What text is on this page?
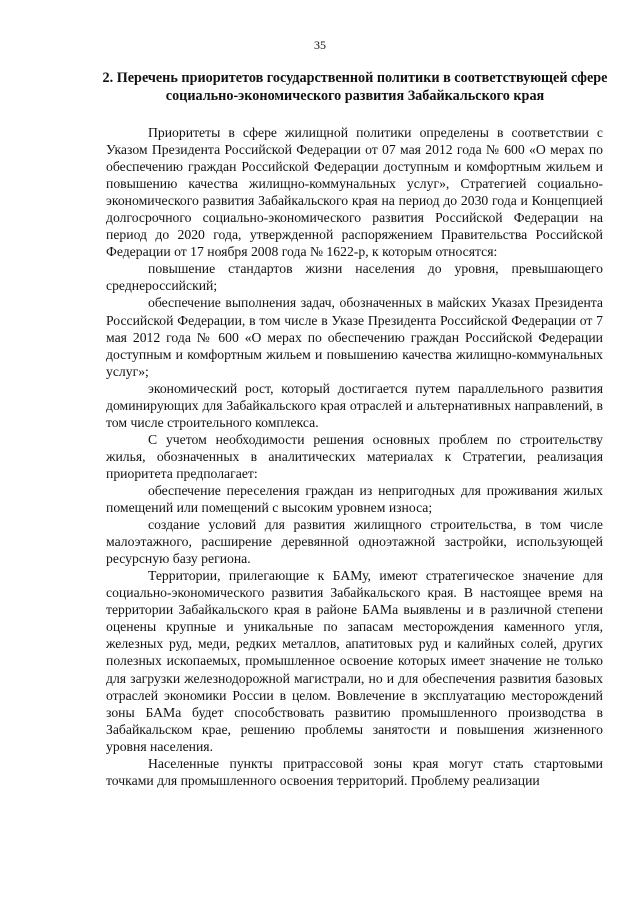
35
2. Перечень приоритетов государственной политики в соответствующей сфере социально-экономического развития Забайкальского края

Приоритеты в сфере жилищной политики определены в соответствии с Указом Президента Российской Федерации от 07 мая 2012 года № 600 «О мерах по обеспечению граждан Российской Федерации доступным и комфортным жильем и повышению качества жилищно-коммунальных услуг», Стратегией социально-экономического развития Забайкальского края на период до 2030 года и Концепцией долгосрочного социально-экономического развития Российской Федерации на период до 2020 года, утвержденной распоряжением Правительства Российской Федерации от 17 ноября 2008 года № 1622-р, к которым относятся:

повышение стандартов жизни населения до уровня, превышающего среднероссийский;

обеспечение выполнения задач, обозначенных в майских Указах Президента Российской Федерации, в том числе в Указе Президента Российской Федерации от 7 мая 2012 года № 600 «О мерах по обеспечению граждан Российской Федерации доступным и комфортным жильем и повышению качества жилищно-коммунальных услуг»;

экономический рост, который достигается путем параллельного развития доминирующих для Забайкальского края отраслей и альтернативных направлений, в том числе строительного комплекса.

С учетом необходимости решения основных проблем по строительству жилья, обозначенных в аналитических материалах к Стратегии, реализация приоритета предполагает:

обеспечение переселения граждан из непригодных для проживания жилых помещений или помещений с высоким уровнем износа;

создание условий для развития жилищного строительства, в том числе малоэтажного, расширение деревянной одноэтажной застройки, использующей ресурсную базу региона.

Территории, прилегающие к БАМу, имеют стратегическое значение для социально-экономического развития Забайкальского края. В настоящее время на территории Забайкальского края в районе БАМа выявлены и в различной степени оценены крупные и уникальные по запасам месторождения каменного угля, железных руд, меди, редких металлов, апатитовых руд и калийных солей, других полезных ископаемых, промышленное освоение которых имеет значение не только для загрузки железнодорожной магистрали, но и для обеспечения развития базовых отраслей экономики России в целом. Вовлечение в эксплуатацию месторождений зоны БАМа будет способствовать развитию промышленного производства в Забайкальском крае, решению проблемы занятости и повышения жизненного уровня населения.

Населенные пункты притрассовой зоны края могут стать стартовыми точками для промышленного освоения территорий. Проблему реализации
